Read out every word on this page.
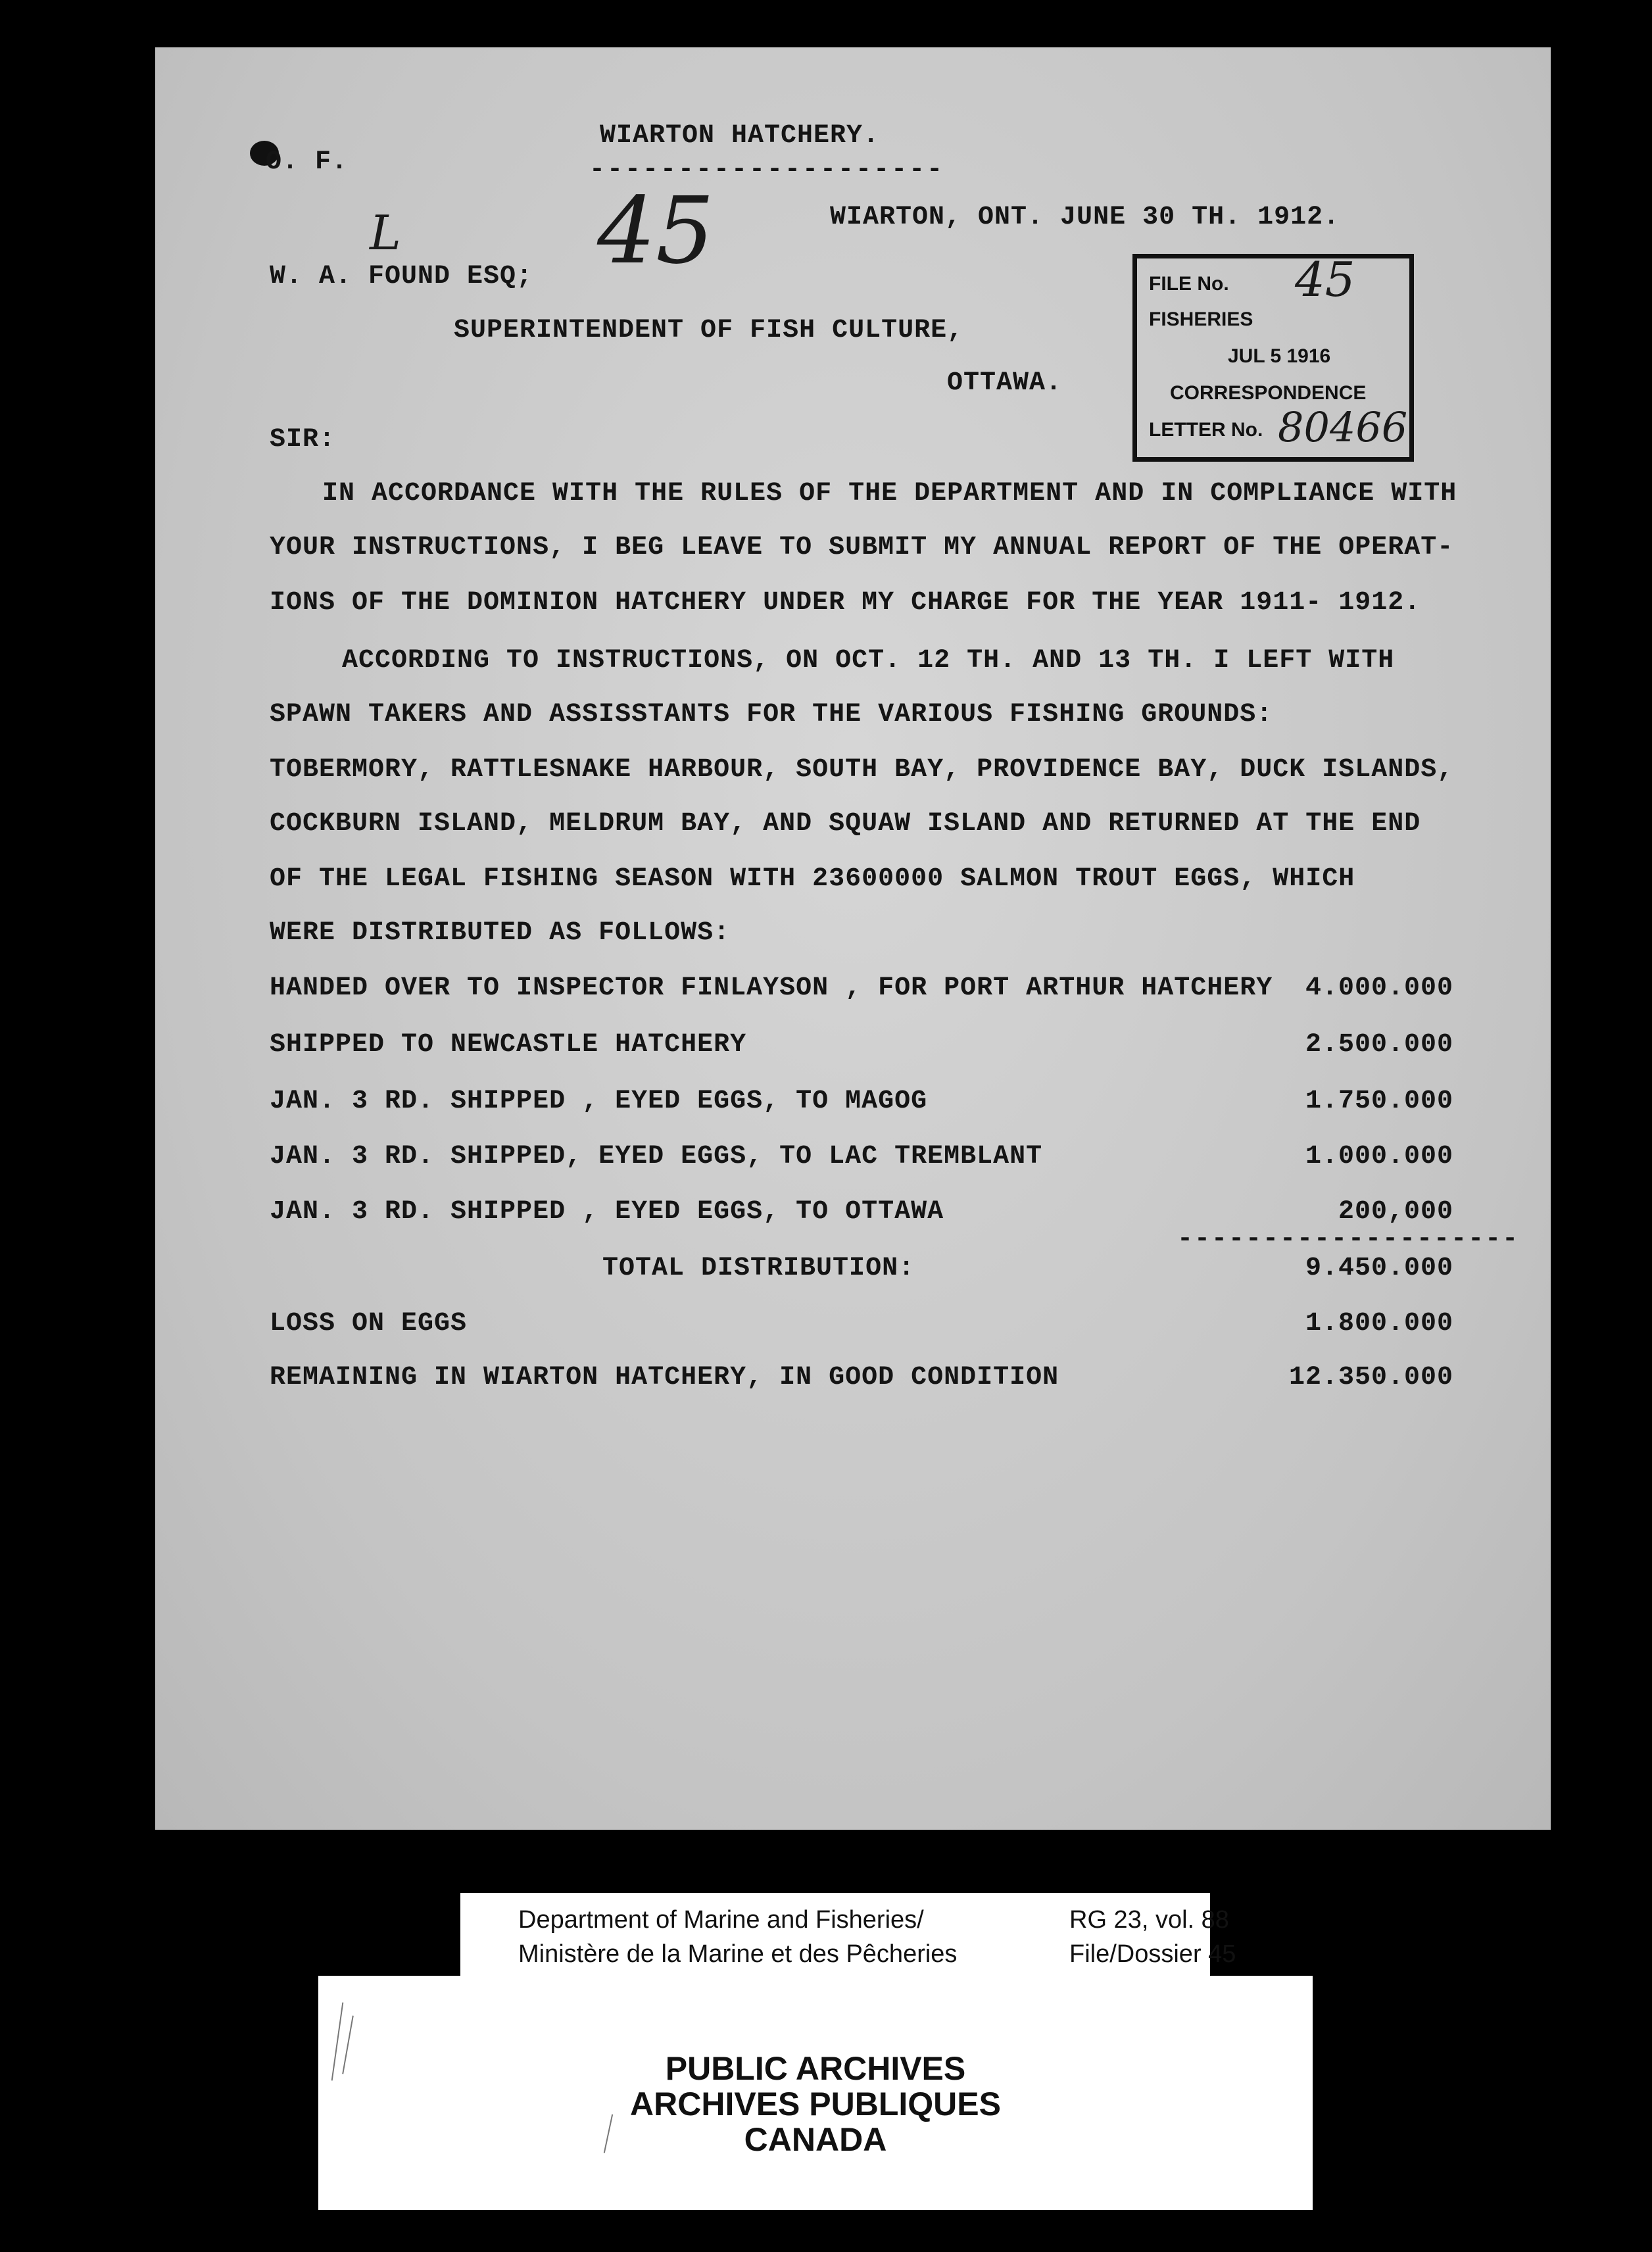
O. F.
WIARTON HATCHERY.
--------------------
45
L	WIARTON, ONT. JUNE 30 TH. 1912.
W. A. FOUND ESQ;
SUPERINTENDENT OF FISH CULTURE,
OTTAWA.
FILE No. 45
FISHERIES
JUL 5 1916
CORRESPONDENCE
LETTER No. 80466
SIR:
IN ACCORDANCE WITH THE RULES OF THE DEPARTMENT AND IN COMPLIANCE WITH
YOUR INSTRUCTIONS, I BEG LEAVE TO SUBMIT MY ANNUAL REPORT OF THE OPERAT-
IONS OF THE DOMINION HATCHERY UNDER MY CHARGE FOR THE YEAR 1911- 1912.
ACCORDING TO INSTRUCTIONS, ON OCT. 12 TH. AND 13 TH. I LEFT WITH
SPAWN TAKERS AND ASSISSTANTS FOR THE VARIOUS FISHING GROUNDS:
TOBERMORY, RATTLESNAKE HARBOUR, SOUTH BAY, PROVIDENCE BAY, DUCK ISLANDS,
COCKBURN ISLAND, MELDRUM BAY, AND SQUAW ISLAND AND RETURNED AT THE END
OF THE LEGAL FISHING SEASON WITH 23600000 SALMON TROUT EGGS, WHICH
WERE DISTRIBUTED AS FOLLOWS:
HANDED OVER TO INSPECTOR FINLAYSON , FOR PORT ARTHUR HATCHERY	4.000.000
SHIPPED TO NEWCASTLE HATCHERY	2.500.000
JAN. 3 RD. SHIPPED , EYED EGGS, TO MAGOG	1.750.000
JAN. 3 RD. SHIPPED, EYED EGGS, TO LAC TREMBLANT	1.000.000
JAN. 3 RD. SHIPPED , EYED EGGS, TO OTTAWA	200,000
--------------------
TOTAL DISTRIBUTION:	9.450.000
LOSS ON EGGS	1.800.000
REMAINING IN WIARTON HATCHERY, IN GOOD CONDITION	12.350.000
Department of Marine and Fisheries/
Ministère de la Marine et des Pêcheries
RG 23, vol. 88
File/Dossier 45
PUBLIC ARCHIVES
ARCHIVES PUBLIQUES
CANADA
